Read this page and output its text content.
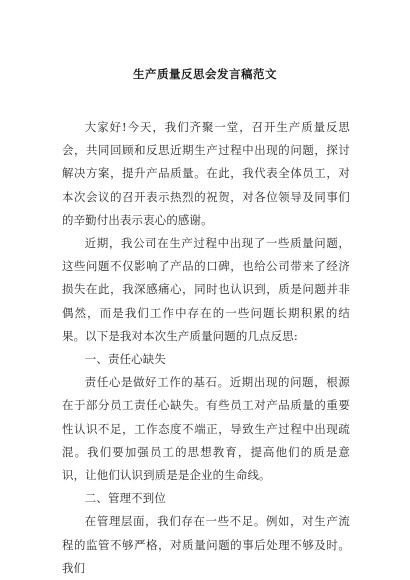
生产质量反思会发言稿范文

大家好!今天，我们齐聚一堂，召开生产质量反思会，共同回顾和反思近期生产过程中出现的问题，探讨解决方案，提升产品质量。在此，我代表全体员工，对本次会议的召开表示热烈的祝贺，对各位领导及同事们的辛勤付出表示衷心的感谢。

近期，我公司在生产过程中出现了一些质量问题，这些问题不仅影响了产品的口碑，也给公司带来了经济损失在此，我深感痛心，同时也认识到，质是问题并非偶然，而是我们工作中存在的一些问题长期积累的结果。以下是我对本次生产质量问题的几点反思:

一、责任心缺失

责任心是做好工作的基石。近期出现的问题，根源在于部分员工责任心缺失。有些员工对产品质量的重要性认识不足，工作态度不端正，导致生产过程中出现疏混。我们要加强员工的思想教育，提高他们的质是意识，让他们认识到质是是企业的生命线。

二、管理不到位

在管理层面，我们存在一些不足。例如，对生产流程的监管不够严格，对质量问题的事后处理不够及时。我们
